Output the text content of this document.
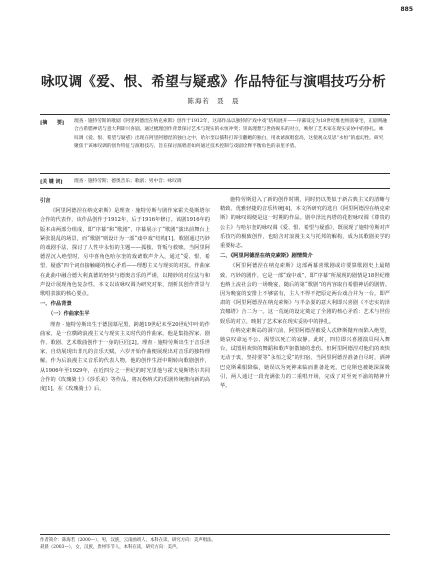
885
咏叹调《爱、恨、希望与疑惑》作品特征与演唱技巧分析
陈海若　聂　晨
[摘　　要] 理查 · 施特劳斯的歌剧《阿里阿德涅在纳克索斯》创作于1912年，这部作品以独特的“戏中戏”结构展开——序幕设定为18世纪维也纳富豪宅，正剧则融合古希腊神话与意大利即兴喜剧。通过梳理创作背景探讨艺术与现实的永恒冲突；崇高理想与世俗娱乐的对立，映射了艺术家在现实妥协中的挣扎。咏叹调《爱、恨、希望与疑惑》出现在阿里阿德涅的独白之中，哈尔奎以插科打诨引翻她的独白，用欢谑演唱套高，这使观众反思“永恒”的虚幻性。研究聚焦于该咏叹调的创作特征与演唱技巧，旨在探讨演唱者如何通过技术控制与戏剧诠释平衡角色的表里矛盾。
[关 键 词] 理查 · 施特劳斯；德奥音乐；歌剧；男中音；咏叹调
引言

《阿里阿德涅在纳克索斯》是理查 · 施特劳斯与剧作家霍夫曼斯塔尔合作的代表作，该作品创作于1912年，后于1916年修订。该剧1916年的版本由两部分组成，即“序幕”和“歌剧”，序幕展示了“歌剧”演出前舞台上紧张混乱的场景，而“歌剧”则设计为一部“戏中戏”结构[1]。歌剧通过巧妙的戏剧手法，探讨了人性中永恒的主题——孤独、背叛与救赎。当阿里阿德涅沉入绝望时，另中喜角色哈尔奎的戏谑歌声介入，通过“爱、恨、希望、疑惑”四个词直接触碰的核心矛盾——理想主义与现实的对抗。作曲家在此曲中融合德大利真德的轻快与德奥音乐的严谨，以精妙的对位法与和声设计展现角色复杂性。本文以该咏叹调为研究对象，剖析其创作背景与歌唱表演的核心要点。

一、作品背景
（一）作曲家生平

理查 · 施特劳斯出生于德国慕尼黑，跨越19世纪末至20世纪中叶的作曲家，是一位横跨浪漫主义与现实主义时代的作曲家。他是集指挥家、剧作、歌剧、艺术歌曲创作于一身的巨匠[2]。理查 · 施特劳斯出生于音乐世家，自幼展现出非凡的音乐天赋，六岁开始作曲便展现出对音乐的独特理解。作为后浪漫主义音乐的代表人物，他的创作生涯中期转向歌剧创作，从1906年至1929年，在近四分之一世纪的时光里他与霍夫曼斯塔尔共同合作的《玫瑰骑士》《莎乐美》等作品，将瓦格纳式的乐剧传统推向新的高度[1]。在《玫瑰骑士》后，

施特劳斯进入了新的创作时期，同时仍以类似于新古典主义的清晰与精致、优雅轻捷的音乐传统[4]。本文所研究的选自《阿里阿德涅在纳克索斯》的咏叹调便是这一时期的作品。剧中泽比内塔的花腔咏叹调《尊贵的公主》与哈尔奎的咏叹调《爱、恨、希望与疑惑》，既展现了施特劳斯对声乐技巧的极致创作，也暗含对浪漫主义与托邦的解构，成为其歌剧美学的重要标志。

二、《阿里阿德涅在纳克索斯》剧情简介

《阿里阿德涅在纳克索斯》这部两幕喜歌剧或许要算歌剧史上最精致、巧妙的剧作。它是一部“戏中戏”，即“序幕”所展现的剧情是18世纪维也纳上流社会的一场晚宴，随后的第“歌剧”的内容取自希腊神话的剧情。因为晚宴的安排上不够富有，主人不得不把原定两台戏合并为一台。即严肃的《阿里阿德涅在纳克索斯》与半杂耍的意大利即兴喜剧《不忠实的泽宾娜塔》合二为一。这一荒诞的设定奠定了全剧的核心矛盾：艺术与世俗娱乐的对立，映射了艺术家在现实妥协中的挣扎。

在纳克索斯岛的洞穴前，阿里阿德涅被爱人忒修斯抛弃而陷入绝望，她哀叹命运不公，渴望以死亡的寂静。此时，四位即兴喜剧演员闯入舞台，试图用欢快的舞蹈和歌声驱散她的悲伤。但阿里阿德涅对他们的欢快无动于衷，坚持要等“永恒之爱”的归宿。当阿里阿德涅准备自尽时，酒神巴克斯乘船降临，她误以为死神来临而准备赴死。巴克斯也被她深深吸引，两人通过一段充满张力的二重唱开场，完成了对至死不渝的精神升华。

作者简介：陈海若（2000—），男，汉族，云南曲靖人，本科在读，研究方向：美声唱法。
聂晨（2003—），女，汉族，贵州毕节人，本科在读，研究方向：美声。
